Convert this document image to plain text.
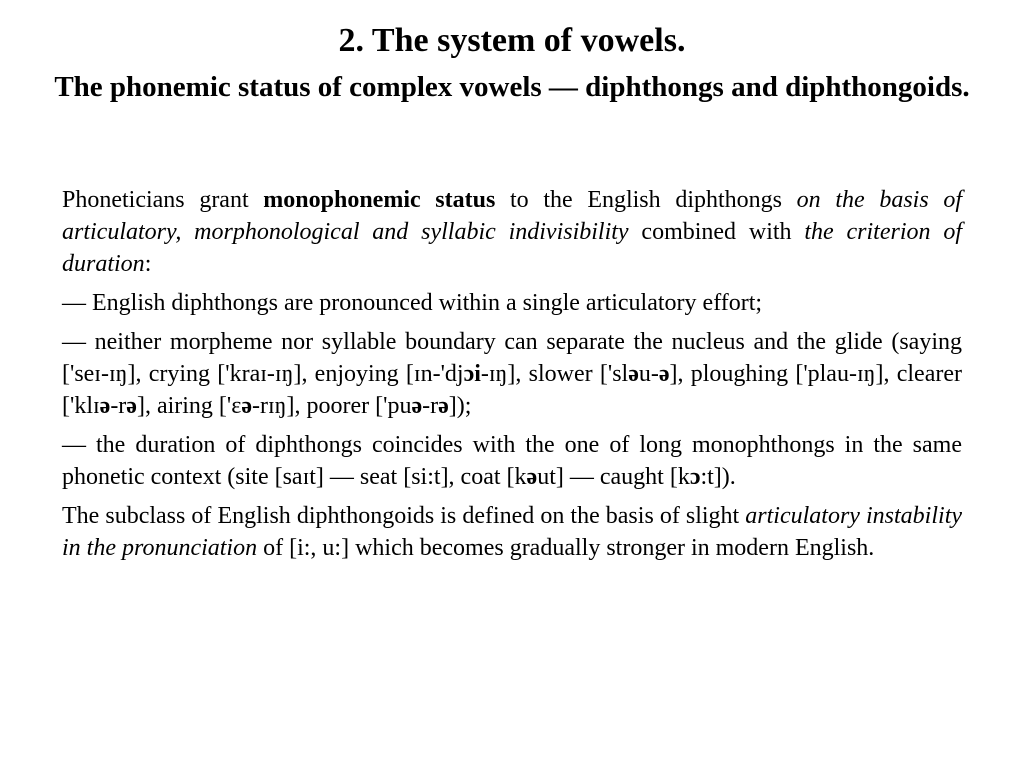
2. The system of vowels.

The phonemic status of complex vowels — diphthongs and diphthongoids.

Phoneticians grant monophonemic status to the English diphthongs on the basis of articulatory, morphonological and syllabic indivisibility combined with the criterion of duration:

— English diphthongs are pronounced within a single articulatory effort;

— neither morpheme nor syllable boundary can separate the nucleus and the glide (saying ['seɪ-ɪŋ], crying ['kraɪ-ɪŋ], enjoying [ɪn-'djɔi-ɪŋ], slower ['sləu-ə], ploughing ['plau-ɪŋ], clearer ['klɪə-rə], airing ['ɛə-rɪŋ], poorer ['puə-rə]);

— the duration of diphthongs coincides with the one of long monophthongs in the same phonetic context (site [saɪt] — seat [si:t], coat [kəut] — caught [kɔ:t]).

The subclass of English diphthongoids is defined on the basis of slight articulatory instability in the pronunciation of [i:, u:] which becomes gradually stronger in modern English.
